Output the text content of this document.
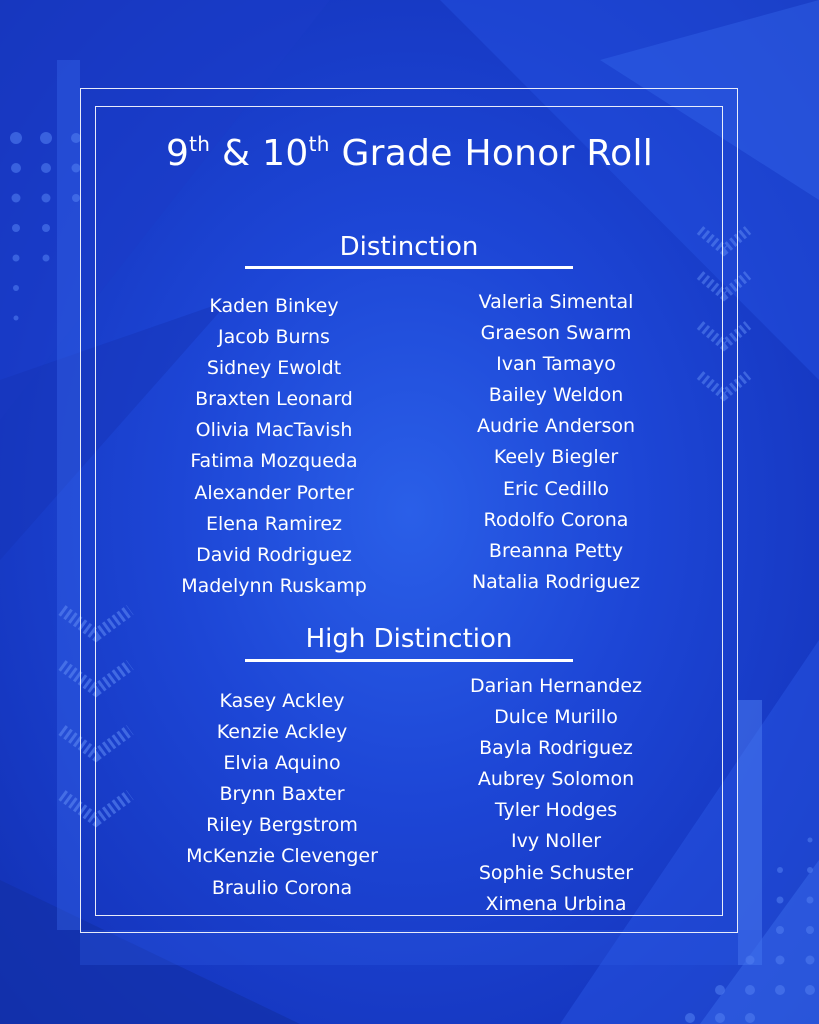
9th & 10th Grade Honor Roll
Distinction
Kaden Binkey
Jacob Burns
Sidney Ewoldt
Braxten Leonard
Olivia MacTavish
Fatima Mozqueda
Alexander Porter
Elena Ramirez
David Rodriguez
Madelynn Ruskamp
Valeria Simental
Graeson Swarm
Ivan Tamayo
Bailey Weldon
Audrie Anderson
Keely Biegler
Eric Cedillo
Rodolfo Corona
Breanna Petty
Natalia Rodriguez
High Distinction
Kasey Ackley
Kenzie Ackley
Elvia Aquino
Brynn Baxter
Riley Bergstrom
McKenzie Clevenger
Braulio Corona
Darian Hernandez
Dulce Murillo
Bayla Rodriguez
Aubrey Solomon
Tyler Hodges
Ivy Noller
Sophie Schuster
Ximena Urbina
